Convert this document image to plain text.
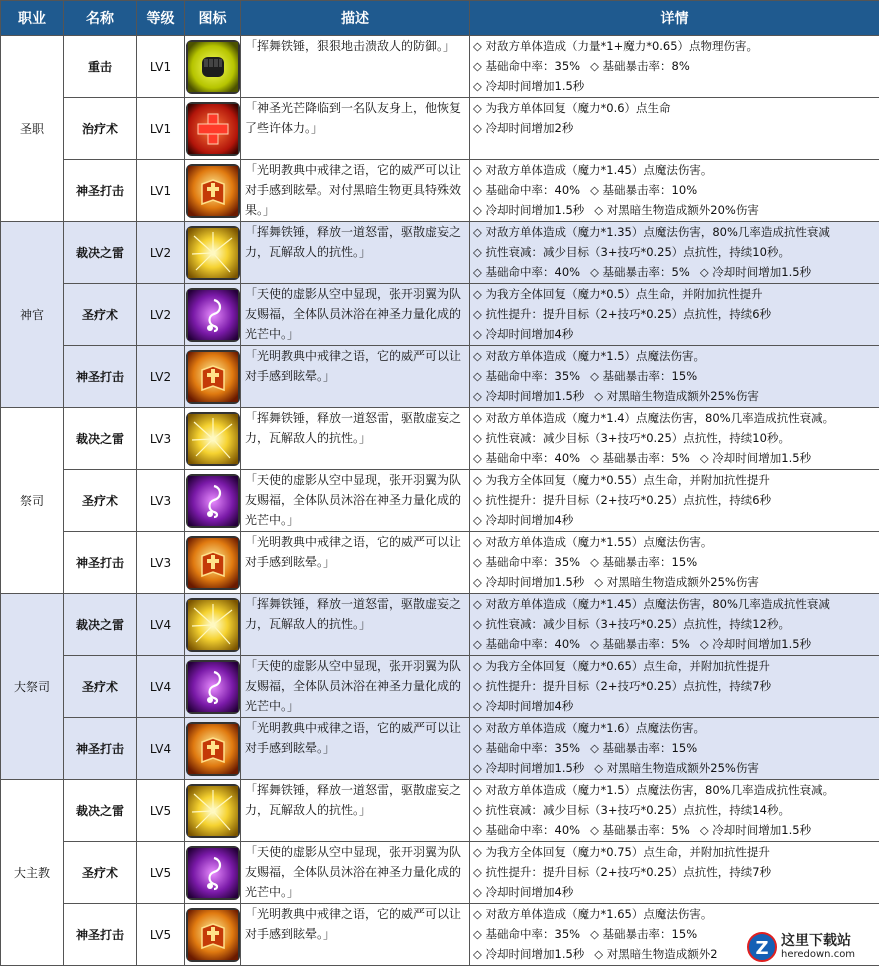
职业	名称	等级	图标	描述	详情
圣职	重击	LV1		「挥舞铁锤，狠狠地击溃敌人的防御。」	◇ 对敌方单体造成（力量*1+魔力*0.65）点物理伤害。
◇ 基础命中率：35% ◇ 基础暴击率：8%
◇ 冷却时间增加1.5秒

	治疗术	LV1		「神圣光芒降临到一名队友身上，他恢复了些许体力。」	◇ 为我方单体回复（魔力*0.6）点生命
◇ 冷却时间增加2秒

	神圣打击	LV1		「光明教典中戒律之语，它的威严可以让对手感到眩晕。对付黑暗生物更具特殊效果。」	◇ 对敌方单体造成（魔力*1.45）点魔法伤害。
◇ 基础命中率：40% ◇ 基础暴击率：10%
◇ 冷却时间增加1.5秒 ◇ 对黑暗生物造成额外20%伤害

神官	裁决之雷	LV2		「挥舞铁锤，释放一道怒雷，驱散虚妄之力，瓦解敌人的抗性。」	◇ 对敌方单体造成（魔力*1.35）点魔法伤害，80%几率造成抗性衰减
◇ 抗性衰减：减少目标（3+技巧*0.25）点抗性，持续10秒。
◇ 基础命中率：40% ◇ 基础暴击率：5% ◇ 冷却时间增加1.5秒

	圣疗术	LV2		「天使的虚影从空中显现，张开羽翼为队友赐福，全体队员沐浴在神圣力量化成的光芒中。」	◇ 为我方全体回复（魔力*0.5）点生命，并附加抗性提升
◇ 抗性提升：提升目标（2+技巧*0.25）点抗性，持续6秒
◇ 冷却时间增加4秒

	神圣打击	LV2		「光明教典中戒律之语，它的威严可以让对手感到眩晕。」	◇ 对敌方单体造成（魔力*1.5）点魔法伤害。
◇ 基础命中率：35% ◇ 基础暴击率：15%
◇ 冷却时间增加1.5秒 ◇ 对黑暗生物造成额外25%伤害

祭司	裁决之雷	LV3		「挥舞铁锤，释放一道怒雷，驱散虚妄之力，瓦解敌人的抗性。」	◇ 对敌方单体造成（魔力*1.4）点魔法伤害，80%几率造成抗性衰减。
◇ 抗性衰减：减少目标（3+技巧*0.25）点抗性，持续10秒。
◇ 基础命中率：40% ◇ 基础暴击率：5% ◇ 冷却时间增加1.5秒

	圣疗术	LV3		「天使的虚影从空中显现，张开羽翼为队友赐福，全体队员沐浴在神圣力量化成的光芒中。」	◇ 为我方全体回复（魔力*0.55）点生命，并附加抗性提升
◇ 抗性提升：提升目标（2+技巧*0.25）点抗性，持续6秒
◇ 冷却时间增加4秒

	神圣打击	LV3		「光明教典中戒律之语，它的威严可以让对手感到眩晕。」	◇ 对敌方单体造成（魔力*1.55）点魔法伤害。
◇ 基础命中率：35% ◇ 基础暴击率：15%
◇ 冷却时间增加1.5秒 ◇ 对黑暗生物造成额外25%伤害

大祭司	裁决之雷	LV4		「挥舞铁锤，释放一道怒雷，驱散虚妄之力，瓦解敌人的抗性。」	◇ 对敌方单体造成（魔力*1.45）点魔法伤害，80%几率造成抗性衰减
◇ 抗性衰减：减少目标（3+技巧*0.25）点抗性，持续12秒。
◇ 基础命中率：40% ◇ 基础暴击率：5% ◇ 冷却时间增加1.5秒

	圣疗术	LV4		「天使的虚影从空中显现，张开羽翼为队友赐福，全体队员沐浴在神圣力量化成的光芒中。」	◇ 为我方全体回复（魔力*0.65）点生命，并附加抗性提升
◇ 抗性提升：提升目标（2+技巧*0.25）点抗性，持续7秒
◇ 冷却时间增加4秒

	神圣打击	LV4		「光明教典中戒律之语，它的威严可以让对手感到眩晕。」	◇ 对敌方单体造成（魔力*1.6）点魔法伤害。
◇ 基础命中率：35% ◇ 基础暴击率：15%
◇ 冷却时间增加1.5秒 ◇ 对黑暗生物造成额外25%伤害

大主教	裁决之雷	LV5		「挥舞铁锤，释放一道怒雷，驱散虚妄之力，瓦解敌人的抗性。」	◇ 对敌方单体造成（魔力*1.5）点魔法伤害，80%几率造成抗性衰减。
◇ 抗性衰减：减少目标（3+技巧*0.25）点抗性，持续14秒。
◇ 基础命中率：40% ◇ 基础暴击率：5% ◇ 冷却时间增加1.5秒

	圣疗术	LV5		「天使的虚影从空中显现，张开羽翼为队友赐福，全体队员沐浴在神圣力量化成的光芒中。」	◇ 为我方全体回复（魔力*0.75）点生命，并附加抗性提升
◇ 抗性提升：提升目标（2+技巧*0.25）点抗性，持续7秒
◇ 冷却时间增加4秒

	神圣打击	LV5		「光明教典中戒律之语，它的威严可以让对手感到眩晕。」	◇ 对敌方单体造成（魔力*1.65）点魔法伤害。
◇ 基础命中率：35% ◇ 基础暴击率：15%
◇ 冷却时间增加1.5秒 ◇ 对黑暗生物造成额外2	Z 这里下载站
heredown.com
